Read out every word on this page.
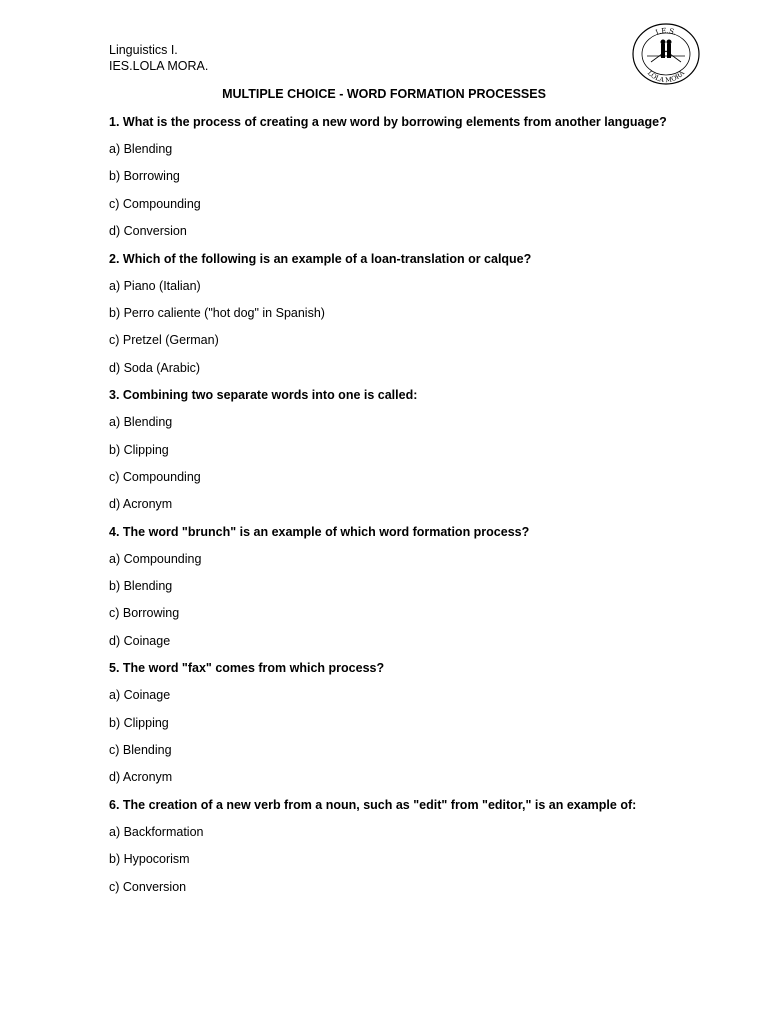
Linguistics I.
IES.LOLA MORA.
I.E.S.
LOLA MORA
MULTIPLE CHOICE - WORD FORMATION PROCESSES
1. What is the process of creating a new word by borrowing elements from another language?
a) Blending
b) Borrowing
c) Compounding
d) Conversion
2. Which of the following is an example of a loan-translation or calque?
a) Piano (Italian)
b) Perro caliente ("hot dog" in Spanish)
c) Pretzel (German)
d) Soda (Arabic)
3. Combining two separate words into one is called:
a) Blending
b) Clipping
c) Compounding
d) Acronym
4. The word "brunch" is an example of which word formation process?
a) Compounding
b) Blending
c) Borrowing
d) Coinage
5. The word "fax" comes from which process?
a) Coinage
b) Clipping
c) Blending
d) Acronym
6. The creation of a new verb from a noun, such as "edit" from "editor," is an example of:
a) Backformation
b) Hypocorism
c) Conversion
